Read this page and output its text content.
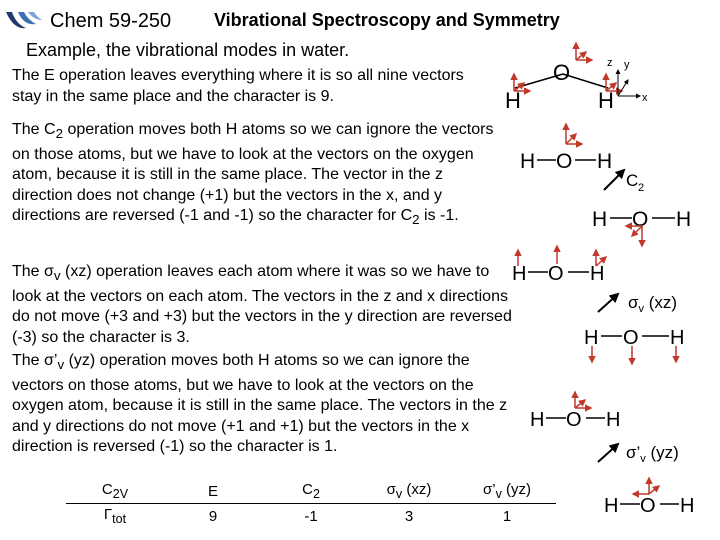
Chem 59-250 Vibrational Spectroscopy and Symmetry
Example, the vibrational modes in water.
The E operation leaves everything where it is so all nine vectors stay in the same place and the character is 9.
The $C_2$ operation moves both H atoms so we can ignore the vectors on those atoms, but we have to look at the vectors on the oxygen atom, because it is still in the same place. The vector in the z direction does not change (+1) but the vectors in the x, and y directions are reversed (-1 and -1) so the character for $C_2$ is -1.
The $\sigma_v$ (xz) operation leaves each atom where it was so we have to look at the vectors on each atom. The vectors in the z and x directions do not move (+3 and +3) but the vectors in the y direction are reversed (-3) so the character is 3.
The $\sigma’_v$ (yz) operation moves both H atoms so we can ignore the vectors on those atoms, but we have to look at the vectors on the oxygen atom, because it is still in the same place. The vectors in the z and y directions do not move (+1 and +1) but the vectors in the x direction is reversed (-1) so the character is 1.
O
H	H
z y
x
H O H
C 2
H O H
H O H
$\sigma_v$ (xz)
H O H
H O H
$\sigma’_v$ (yz)
H O H
$C_{2V}$	E	$C_2$	$\sigma_v$ (xz)	$\sigma’_v$ (yz)
$\Gamma_{tot}$	9	-1	3	1
